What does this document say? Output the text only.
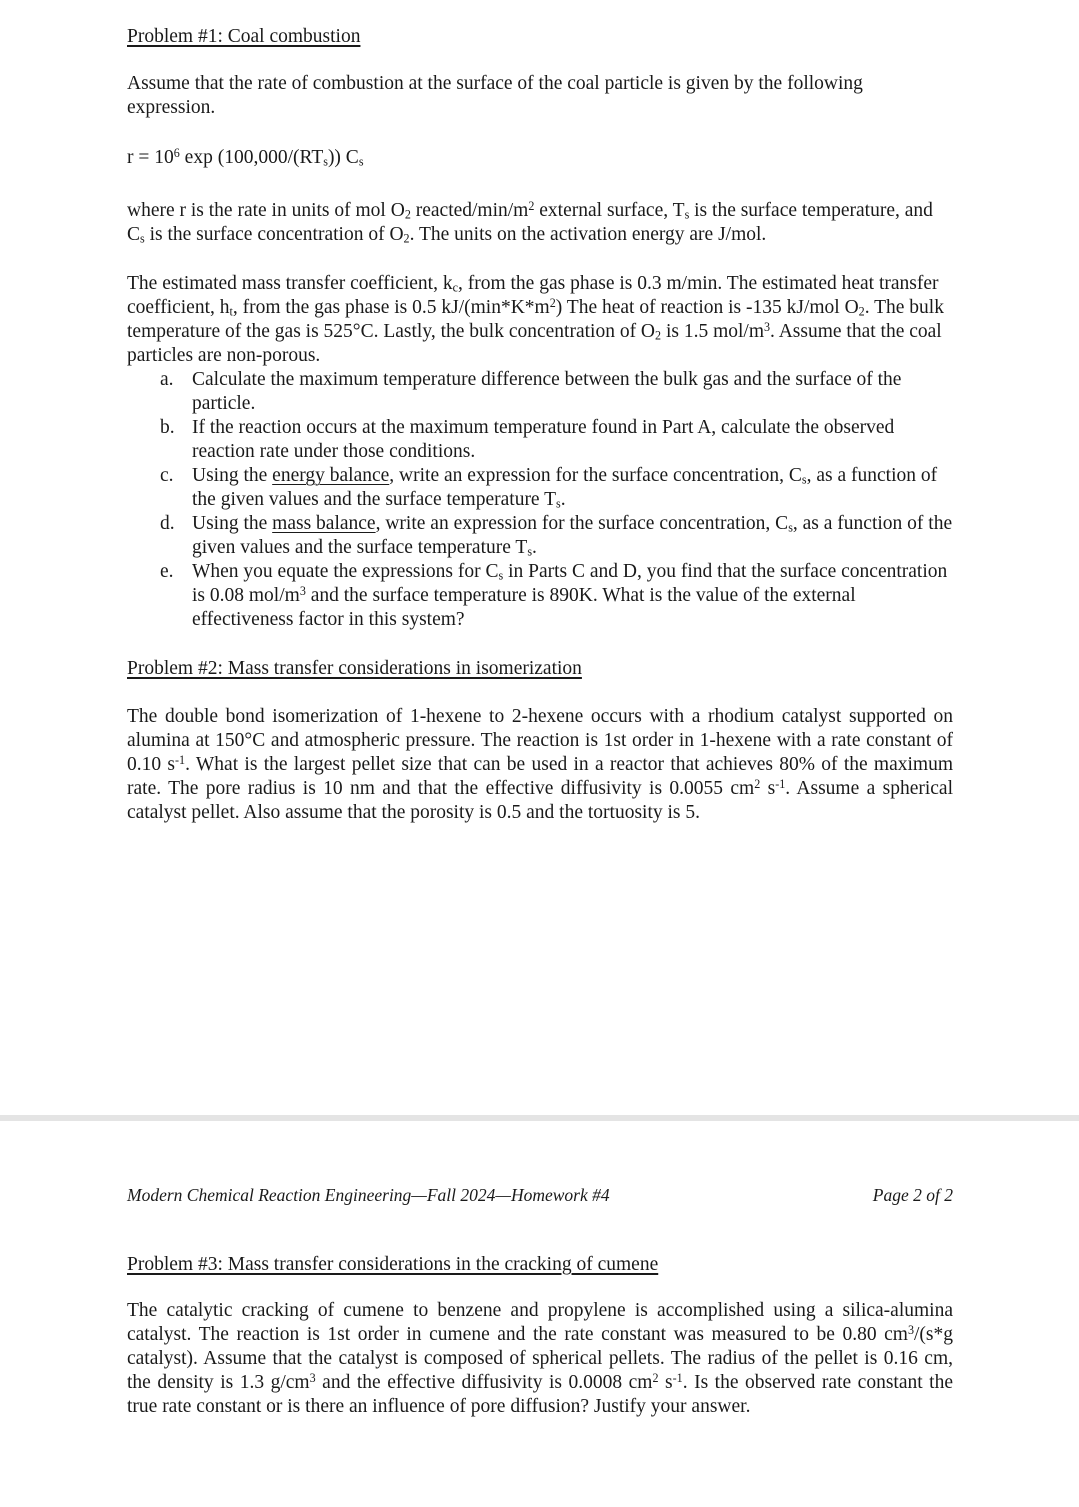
Problem #1: Coal combustion

Assume that the rate of combustion at the surface of the coal particle is given by the following expression.

$r = 10^6$ exp (100,000/(RTs)) Cs

where r is the rate in units of mol O2 reacted/$\min/m^2$ external surface, Ts is the surface temperature, and Cs is the surface concentration of O2. The units on the activation energy are J/mol.

The estimated mass transfer coefficient, kc, from the gas phase is 0.3 m/min. The estimated heat transfer coefficient, ht, from the gas phase is 0.5 $kJ/(\min*K*m^2)$ The heat of reaction is -135 kJ/mol O2. The bulk temperature of the gas is 525°C. Lastly, the bulk concentration of O2 is 1.5 mol/$m^3$. Assume that the coal particles are non-porous.

a. Calculate the maximum temperature difference between the bulk gas and the surface of the particle.
b. If the reaction occurs at the maximum temperature found in Part A, calculate the observed reaction rate under those conditions.
c. Using the energy balance, write an expression for the surface concentration, Cs, as a function of the given values and the surface temperature Ts.
d. Using the mass balance, write an expression for the surface concentration, Cs, as a function of the given values and the surface temperature Ts.
e. When you equate the expressions for Cs in Parts C and D, you find that the surface concentration is 0.08 mol/$m^3$ and the surface temperature is 890K. What is the value of the external effectiveness factor in this system?
Problem #2: Mass transfer considerations in isomerization

The double bond isomerization of 1-hexene to 2-hexene occurs with a rhodium catalyst supported on alumina at 150°C and atmospheric pressure. The reaction is 1st order in 1-hexene with a rate constant of 0.10 $s^{-1}$. What is the largest pellet size that can be used in a reactor that achieves 80% of the maximum rate. The pore radius is 10 nm and that the effective diffusivity is 0.0055 $cm^2$ $s^{-1}$. Assume a spherical catalyst pellet. Also assume that the porosity is 0.5 and the tortuosity is 5.

Modern Chemical Reaction Engineering—Fall 2024—Homework #4	Page 2 of 2
Problem #3: Mass transfer considerations in the cracking of cumene

The catalytic cracking of cumene to benzene and propylene is accomplished using a silica-alumina catalyst. The reaction is 1st order in cumene and the rate constant was measured to be 0.80 $cm^3/(s*g$ catalyst). Assume that the catalyst is composed of spherical pellets. The radius of the pellet is 0.16 cm, the density is 1.3 $g/cm^3$ and the effective diffusivity is 0.0008 $cm^2$ $s^{-1}$. Is the observed rate constant the true rate constant or is there an influence of pore diffusion? Justify your answer.
